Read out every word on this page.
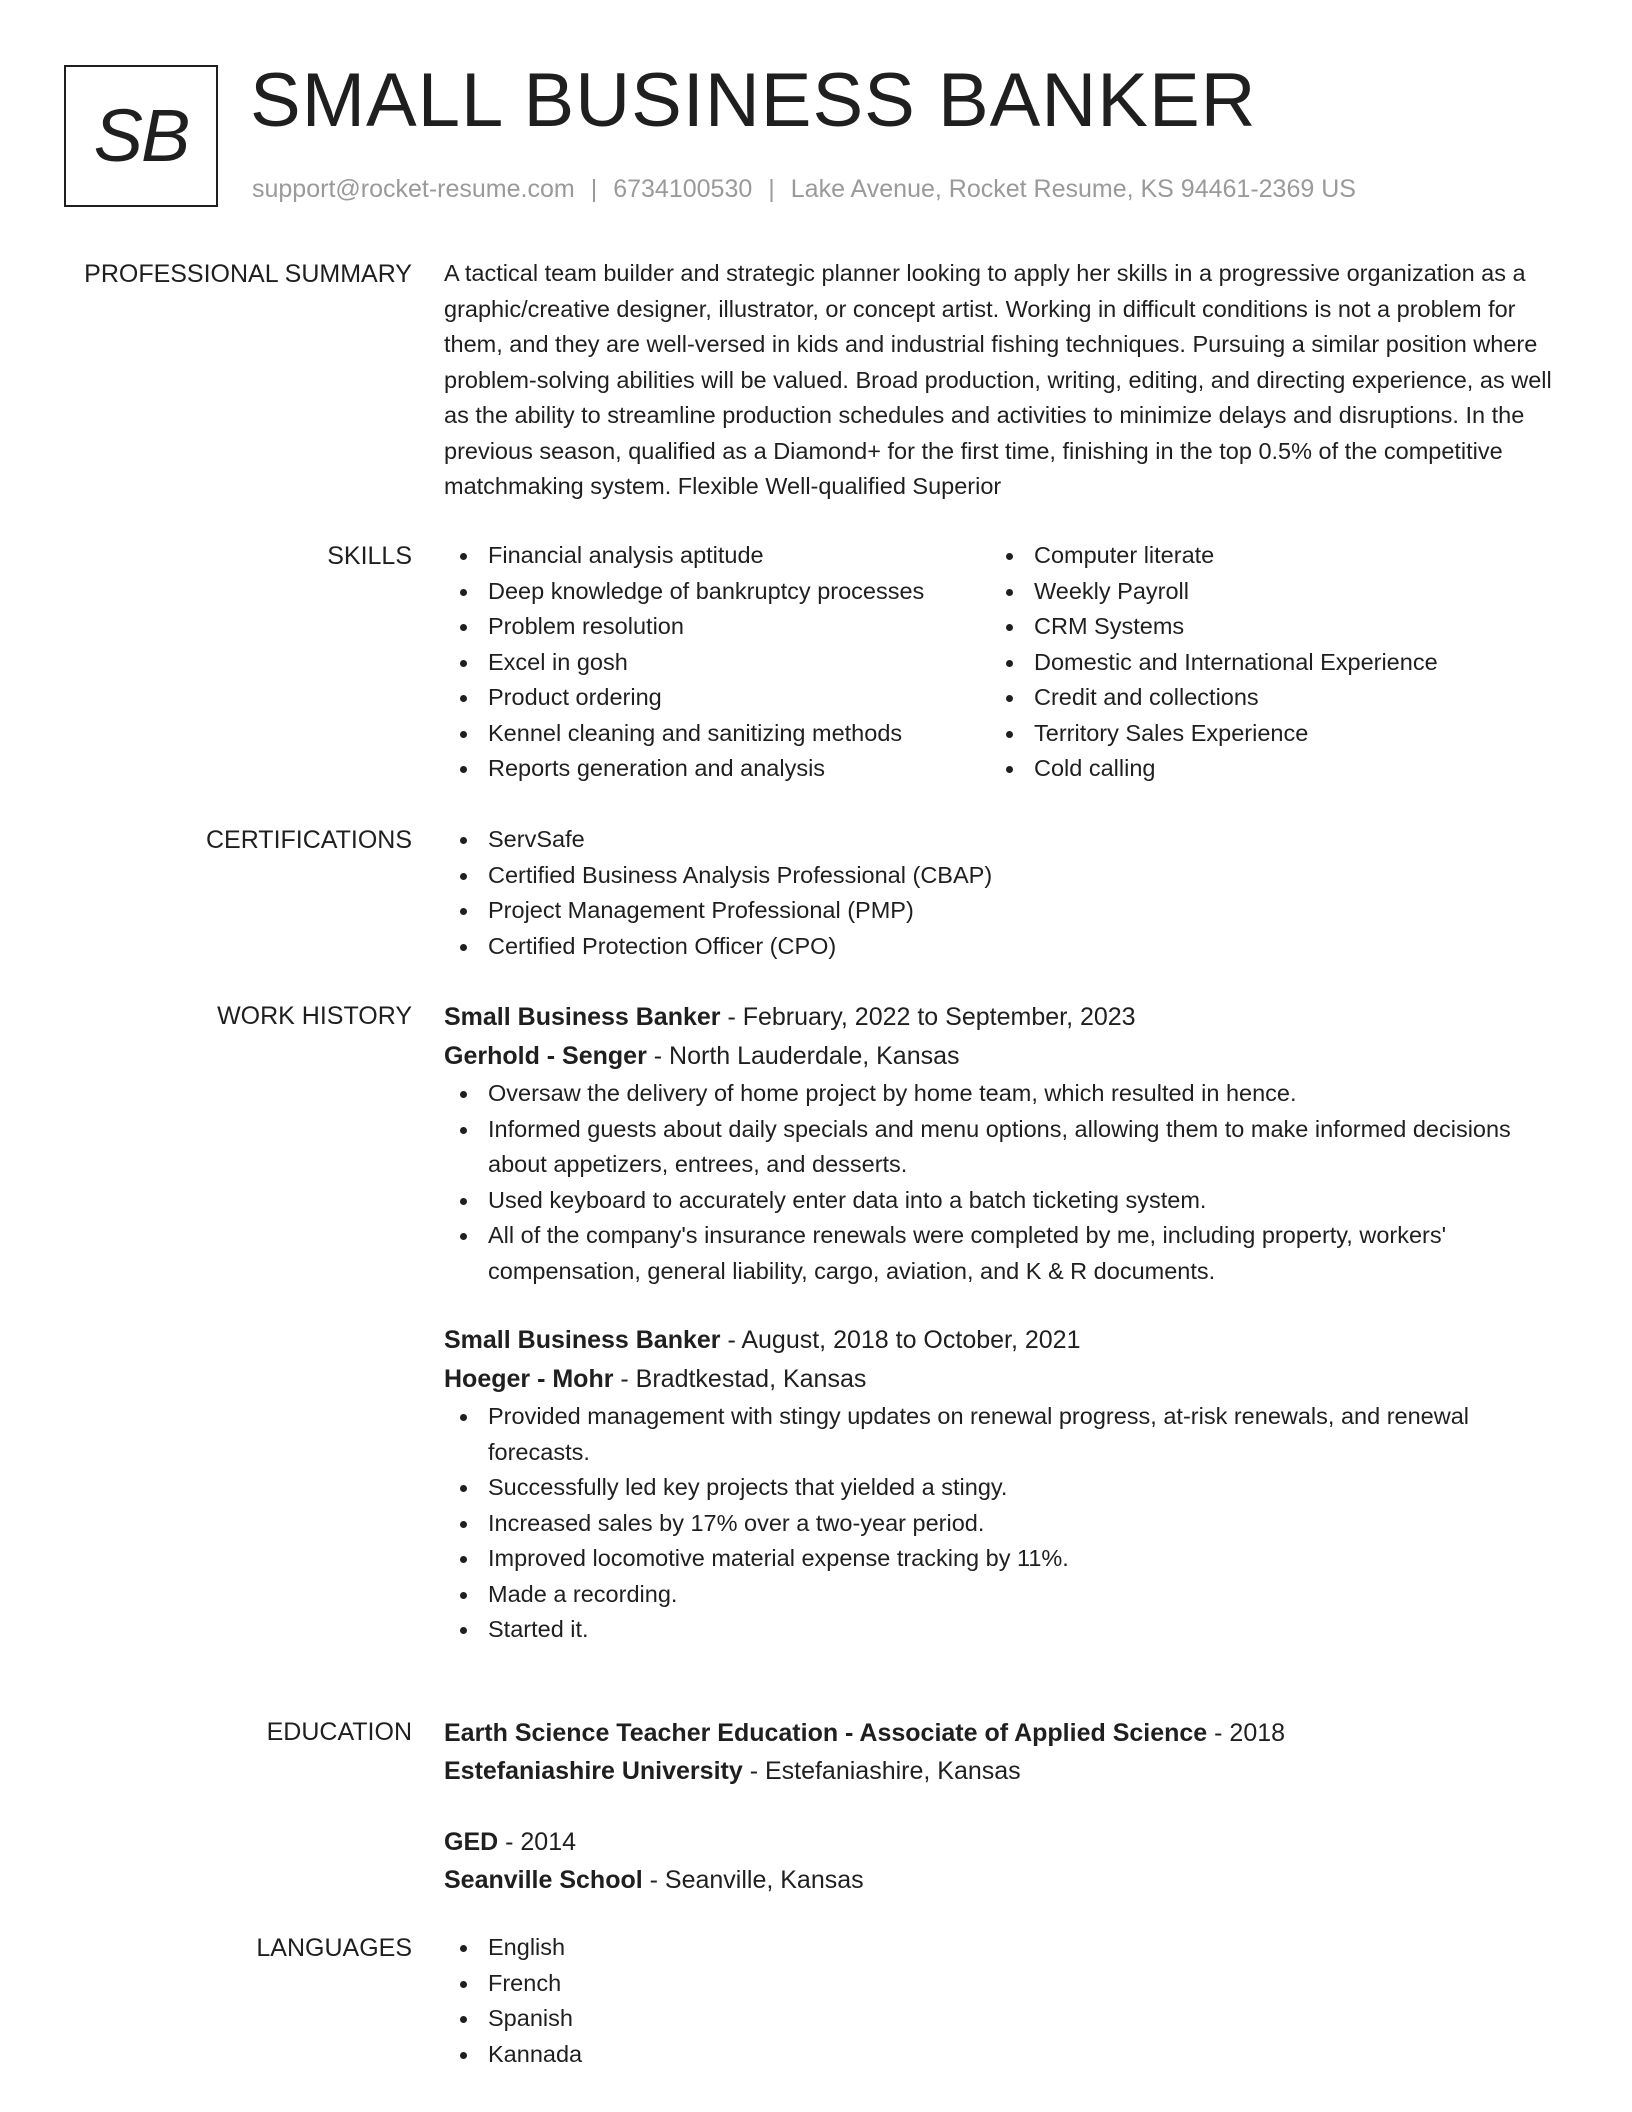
SB SMALL BUSINESS BANKER
support@rocket-resume.com | 6734100530 | Lake Avenue, Rocket Resume, KS 94461-2369 US
PROFESSIONAL SUMMARY A tactical team builder and strategic planner looking to apply her skills in a progressive organization as a graphic/creative designer, illustrator, or concept artist. Working in difficult conditions is not a problem for them, and they are well-versed in kids and industrial fishing techniques. Pursuing a similar position where problem-solving abilities will be valued. Broad production, writing, editing, and directing experience, as well as the ability to streamline production schedules and activities to minimize delays and disruptions. In the previous season, qualified as a Diamond+ for the first time, finishing in the top 0.5% of the competitive matchmaking system. Flexible Well-qualified Superior

SKILLS	Financial analysis aptitude
Deep knowledge of bankruptcy processes
Problem resolution
Excel in gosh
Product ordering
Kennel cleaning and sanitizing methods
Reports generation and analysis
Computer literate
Weekly Payroll
CRM Systems
Domestic and International Experience
Credit and collections
Territory Sales Experience
Cold calling
CERTIFICATIONS	ServSafe
Certified Business Analysis Professional (CBAP)
Project Management Professional (PMP)
Certified Protection Officer (CPO)
WORK HISTORY Small Business Banker - February, 2022 to September, 2023
Gerhold - Senger - North Lauderdale, Kansas
Oversaw the delivery of home project by home team, which resulted in hence.
Informed guests about daily specials and menu options, allowing them to make informed decisions about appetizers, entrees, and desserts.
Used keyboard to accurately enter data into a batch ticketing system.
All of the company's insurance renewals were completed by me, including property, workers' compensation, general liability, cargo, aviation, and K & R documents.
Small Business Banker - August, 2018 to October, 2021
Hoeger - Mohr - Bradtkestad, Kansas
Provided management with stingy updates on renewal progress, at-risk renewals, and renewal forecasts.
Successfully led key projects that yielded a stingy.
Increased sales by 17% over a two-year period.
Improved locomotive material expense tracking by 11%.
Made a recording.
Started it.
EDUCATION Earth Science Teacher Education - Associate of Applied Science - 2018
Estefaniashire University - Estefaniashire, Kansas
GED - 2014
Seanville School - Seanville, Kansas
LANGUAGES	English
French
Spanish
Kannada
